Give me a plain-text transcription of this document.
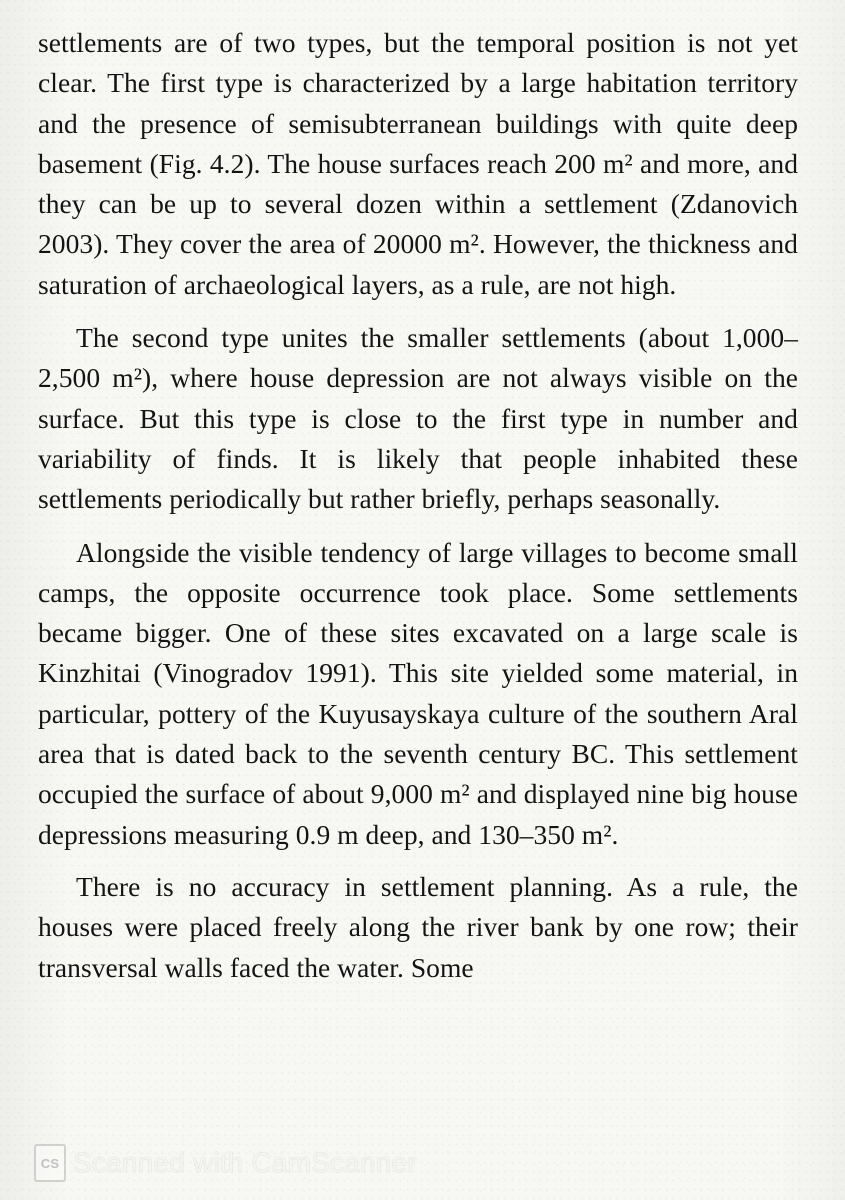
settlements are of two types, but the temporal position is not yet clear. The first type is characterized by a large habitation territory and the presence of semisubterranean buildings with quite deep basement (Fig. 4.2). The house surfaces reach 200 m² and more, and they can be up to several dozen within a settlement (Zdanovich 2003). They cover the area of 20000 m². However, the thickness and saturation of archaeological layers, as a rule, are not high.

The second type unites the smaller settlements (about 1,000–2,500 m²), where house depression are not always visible on the surface. But this type is close to the first type in number and variability of finds. It is likely that people inhabited these settlements periodically but rather briefly, perhaps seasonally.

Alongside the visible tendency of large villages to become small camps, the opposite occurrence took place. Some settlements became bigger. One of these sites excavated on a large scale is Kinzhitai (Vinogradov 1991). This site yielded some material, in particular, pottery of the Kuyusayskaya culture of the southern Aral area that is dated back to the seventh century BC. This settlement occupied the surface of about 9,000 m² and displayed nine big house depressions measuring 0.9 m deep, and 130–350 m².

There is no accuracy in settlement planning. As a rule, the houses were placed freely along the river bank by one row; their transversal walls faced the water. Some

CS Scanned with CamScanner
